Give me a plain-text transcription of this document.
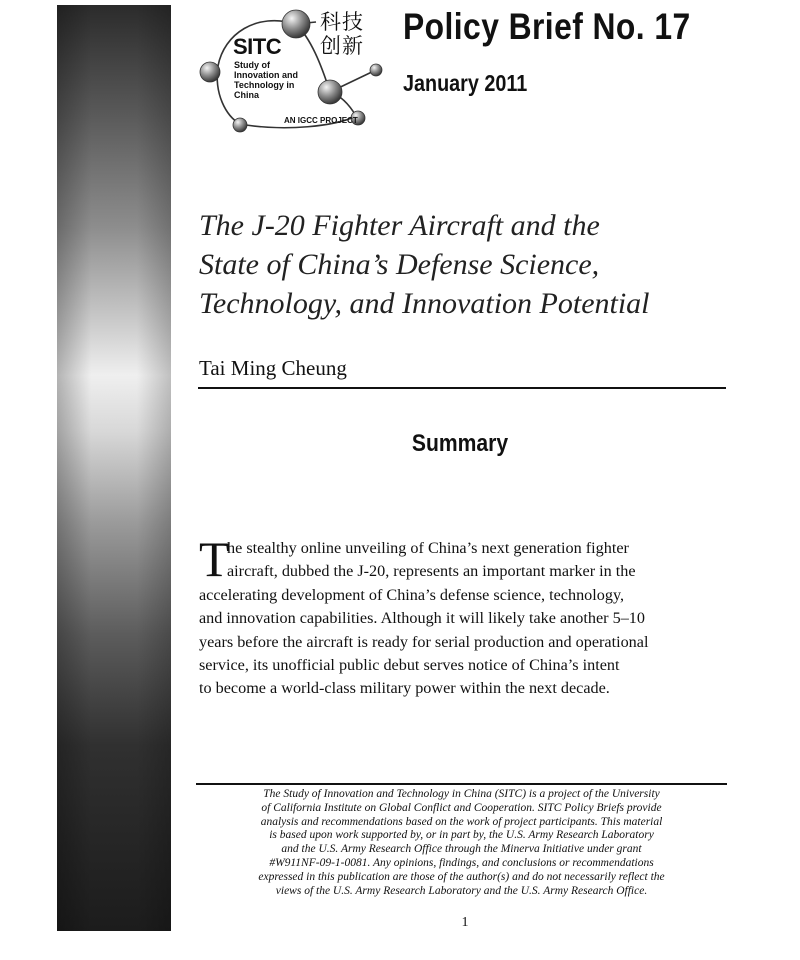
SITC
Study of
Innovation and
Technology in
China
科技
创新
AN IGCC PROJECT
Policy Brief No. 17
January 2011
The J-20 Fighter Aircraft and the
State of China’s Defense Science,
Technology, and Innovation Potential
Tai Ming Cheung
Summary
T

he stealthy online unveiling of China’s next generation fighter

aircraft, dubbed the J-20, represents an important marker in the

accelerating development of China’s defense science, technology,

and innovation capabilities. Although it will likely take another 5–10

years before the aircraft is ready for serial production and operational

service, its unofficial public debut serves notice of China’s intent

to become a world-class military power within the next decade.

The Study of Innovation and Technology in China (SITC) is a project of the University
of California Institute on Global Conflict and Cooperation. SITC Policy Briefs provide
analysis and recommendations based on the work of project participants. This material
is based upon work supported by, or in part by, the U.S. Army Research Laboratory
and the U.S. Army Research Office through the Minerva Initiative under grant
#W911NF-09-1-0081. Any opinions, findings, and conclusions or recommendations
expressed in this publication are those of the author(s) and do not necessarily reflect the
views of the U.S. Army Research Laboratory and the U.S. Army Research Office.
1
